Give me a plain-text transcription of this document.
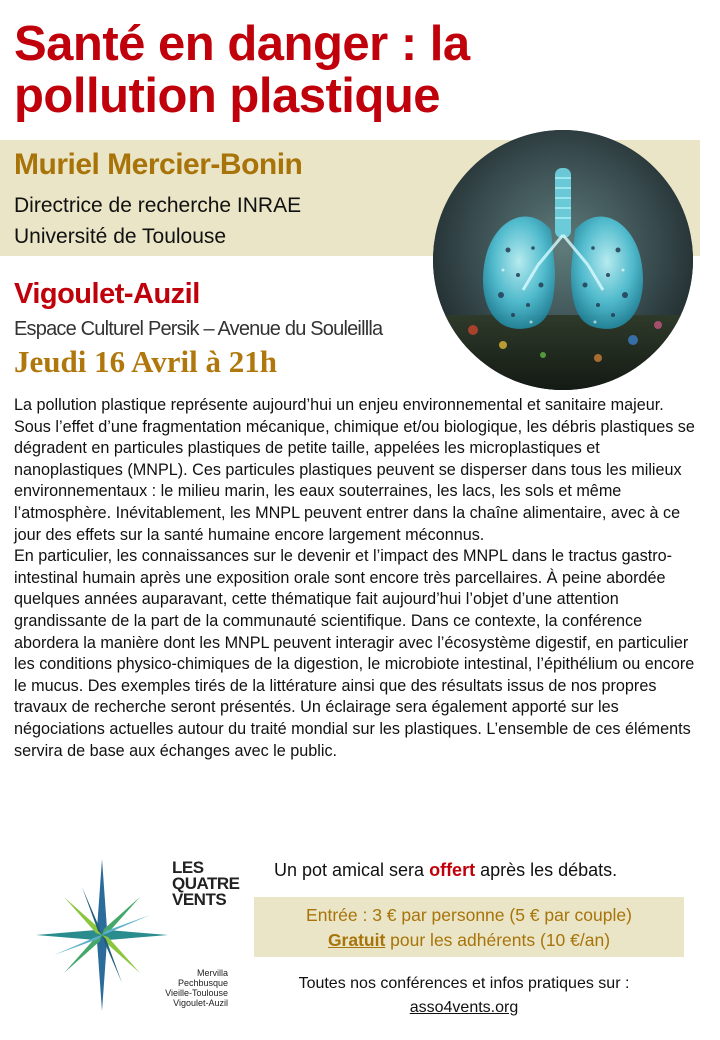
Santé en danger : la
pollution plastique
Muriel Mercier-Bonin
Directrice de recherche INRAE
Université de Toulouse
Vigoulet-Auzil
Espace Culturel Persik – Avenue du Souleillla
Jeudi 16 Avril à 21h

La pollution plastique représente aujourd’hui un enjeu environnemental et sanitaire majeur. Sous l’effet d’une fragmentation mécanique, chimique et/ou biologique, les débris plastiques se dégradent en particules plastiques de petite taille, appelées les microplastiques et nanoplastiques (MNPL). Ces particules plastiques peuvent se disperser dans tous les milieux environnementaux : le milieu marin, les eaux souterraines, les lacs, les sols et même l’atmosphère. Inévitablement, les MNPL peuvent entrer dans la chaîne alimentaire, avec à ce jour des effets sur la santé humaine encore largement méconnus.

En particulier, les connaissances sur le devenir et l’impact des MNPL dans le tractus gastro-intestinal humain après une exposition orale sont encore très parcellaires. À peine abordée quelques années auparavant, cette thématique fait aujourd’hui l’objet d’une attention grandissante de la part de la communauté scientifique. Dans ce contexte, la conférence abordera la manière dont les MNPL peuvent interagir avec l’écosystème digestif, en particulier les conditions physico-chimiques de la digestion, le microbiote intestinal, l’épithélium ou encore le mucus. Des exemples tirés de la littérature ainsi que des résultats issus de nos propres travaux de recherche seront présentés. Un éclairage sera également apporté sur les négociations actuelles autour du traité mondial sur les plastiques. L’ensemble de ces éléments servira de base aux échanges avec le public.

LES
QUATRE
VENTS
Mervilla
Pechbusque
Vieille-Toulouse
Vigoulet-Auzil
Un pot amical sera offert après les débats.
Entrée : 3 € par personne (5 € par couple)
Gratuit pour les adhérents (10 €/an)
Toutes nos conférences et infos pratiques sur :
asso4vents.org
